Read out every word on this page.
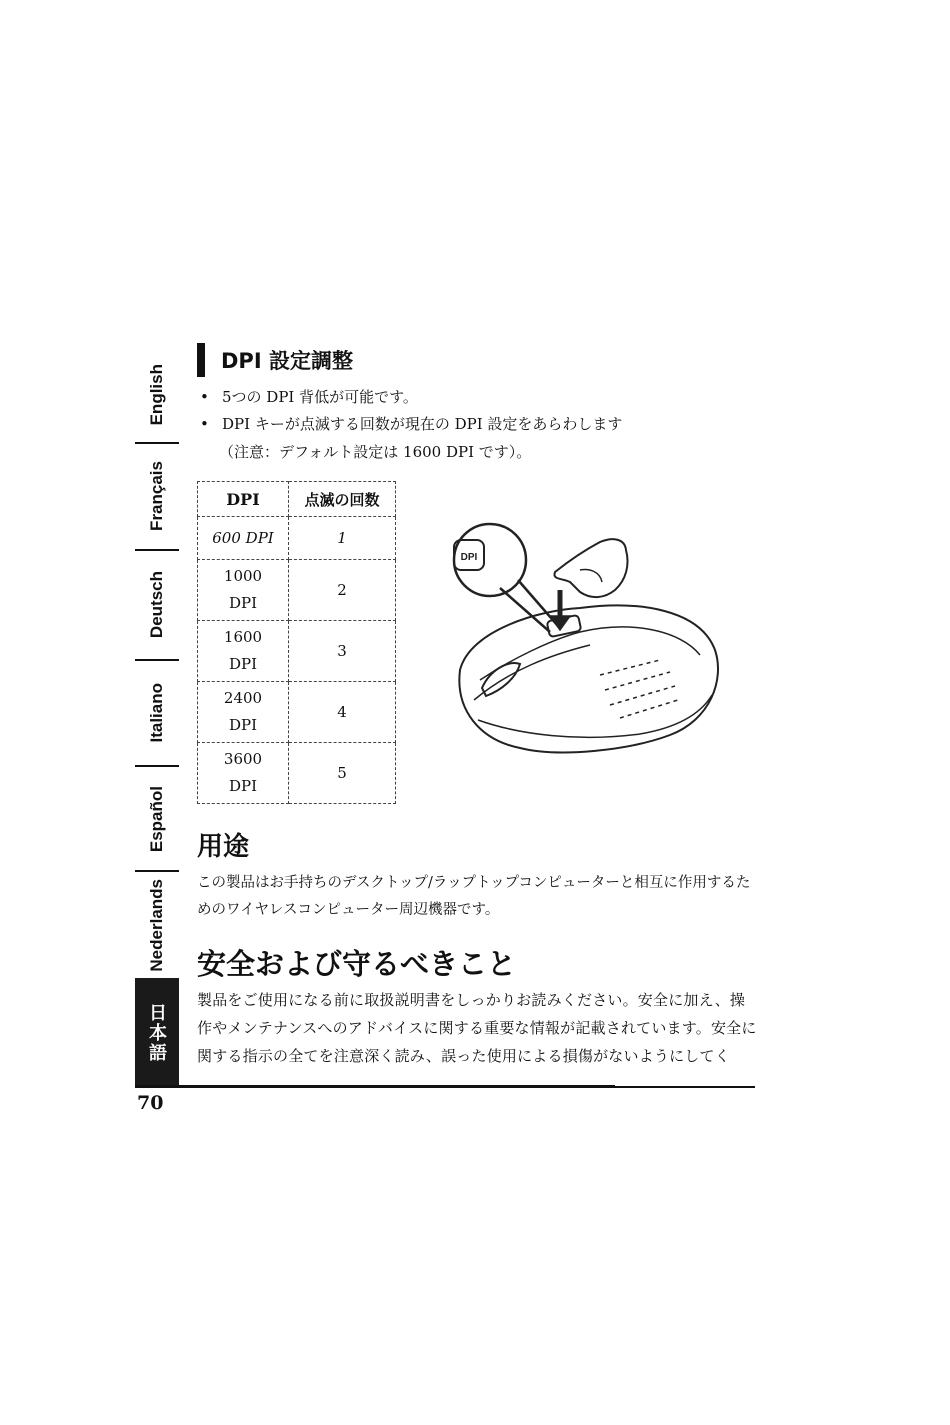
English
Français
Deutsch
Italiano
Español
Nederlands
日本語
70
DPI 設定調整
• 5つの DPI 背低が可能です。
• DPI キーが点滅する回数が現在の DPI 設定をあらわします
（注意：デフォルト設定は 1600 DPI です）。
DPI	点滅の回数
600 DPI	1

1000 DPI	2

1600 DPI	3

2400 DPI	4

3600 DPI	5
DPI
用途
この製品はお手持ちのデスクトップ/ラップトップコンピューターと相互に作用するためのワイヤレスコンピューター周辺機器です。
安全および守るべきこと
製品をご使用になる前に取扱説明書をしっかりお読みください。安全に加え、操作やメンテナンスへのアドバイスに関する重要な情報が記載されています。安全に関する指示の全てを注意深く読み、誤った使用による損傷がないようにしてく
